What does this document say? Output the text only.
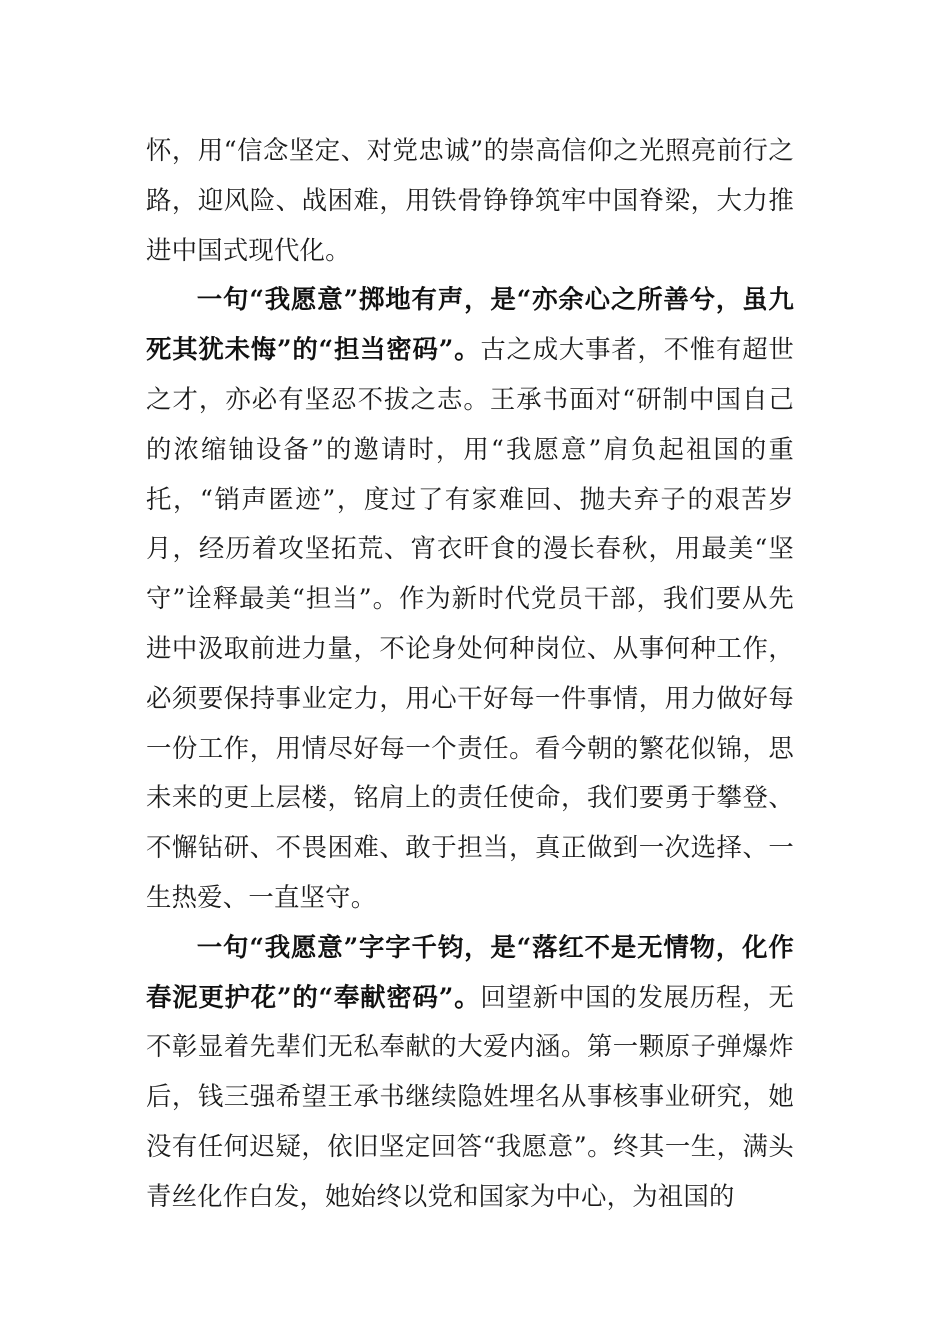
怀，用“信念坚定、对党忠诚”的崇高信仰之光照亮前行之路，迎风险、战困难，用铁骨铮铮筑牢中国脊梁，大力推进中国式现代化。

一句“我愿意”掷地有声，是“亦余心之所善兮，虽九死其犹未悔”的“担当密码”。古之成大事者，不惟有超世之才，亦必有坚忍不拔之志。王承书面对“研制中国自己的浓缩铀设备”的邀请时，用“我愿意”肩负起祖国的重托，“销声匿迹”，度过了有家难回、抛夫弃子的艰苦岁月，经历着攻坚拓荒、宵衣旰食的漫长春秋，用最美“坚守”诠释最美“担当”。作为新时代党员干部，我们要从先进中汲取前进力量，不论身处何种岗位、从事何种工作，必须要保持事业定力，用心干好每一件事情，用力做好每一份工作，用情尽好每一个责任。看今朝的繁花似锦，思未来的更上层楼，铭肩上的责任使命，我们要勇于攀登、不懈钻研、不畏困难、敢于担当，真正做到一次选择、一生热爱、一直坚守。

一句“我愿意”字字千钧，是“落红不是无情物，化作春泥更护花”的“奉献密码”。回望新中国的发展历程，无不彰显着先辈们无私奉献的大爱内涵。第一颗原子弹爆炸后，钱三强希望王承书继续隐姓埋名从事核事业研究，她没有任何迟疑，依旧坚定回答“我愿意”。终其一生，满头青丝化作白发，她始终以党和国家为中心，为祖国的
